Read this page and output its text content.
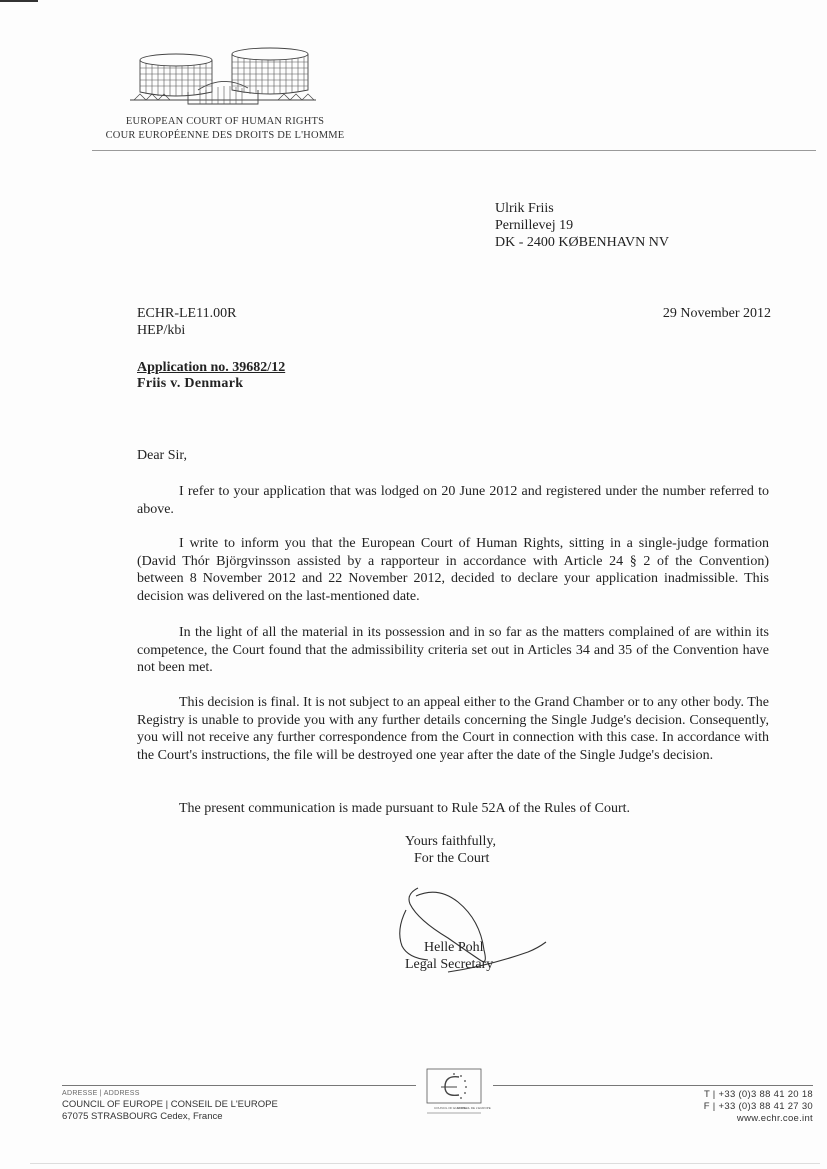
EUROPEAN COURT OF HUMAN RIGHTS
COUR EUROPÉENNE DES DROITS DE L'HOMME
Ulrik Friis
Pernillevej 19
DK - 2400 KØBENHAVN NV
ECHR-LE11.00R
HEP/kbi
29 November 2012
Application no. 39682/12
Friis v. Denmark
Dear Sir,
I refer to your application that was lodged on 20 June 2012 and registered under the number referred to above.
I write to inform you that the European Court of Human Rights, sitting in a single-judge formation (David Thór Björgvinsson assisted by a rapporteur in accordance with Article 24 § 2 of the Convention) between 8 November 2012 and 22 November 2012, decided to declare your application inadmissible. This decision was delivered on the last-mentioned date.
In the light of all the material in its possession and in so far as the matters complained of are within its competence, the Court found that the admissibility criteria set out in Articles 34 and 35 of the Convention have not been met.
This decision is final. It is not subject to an appeal either to the Grand Chamber or to any other body. The Registry is unable to provide you with any further details concerning the Single Judge's decision. Consequently, you will not receive any further correspondence from the Court in connection with this case. In accordance with the Court's instructions, the file will be destroyed one year after the date of the Single Judge's decision.
The present communication is made pursuant to Rule 52A of the Rules of Court.
Yours faithfully,
For the Court
Helle Pohl
Legal Secretary
ADRESSE | ADDRESS
COUNCIL OF EUROPE | CONSEIL DE L'EUROPE
67075 STRASBOURG Cedex, France
COUNCIL OF EUROPE
CONSEIL DE L'EUROPE
T | +33 (0)3 88 41 20 18
F | +33 (0)3 88 41 27 30
www.echr.coe.int
